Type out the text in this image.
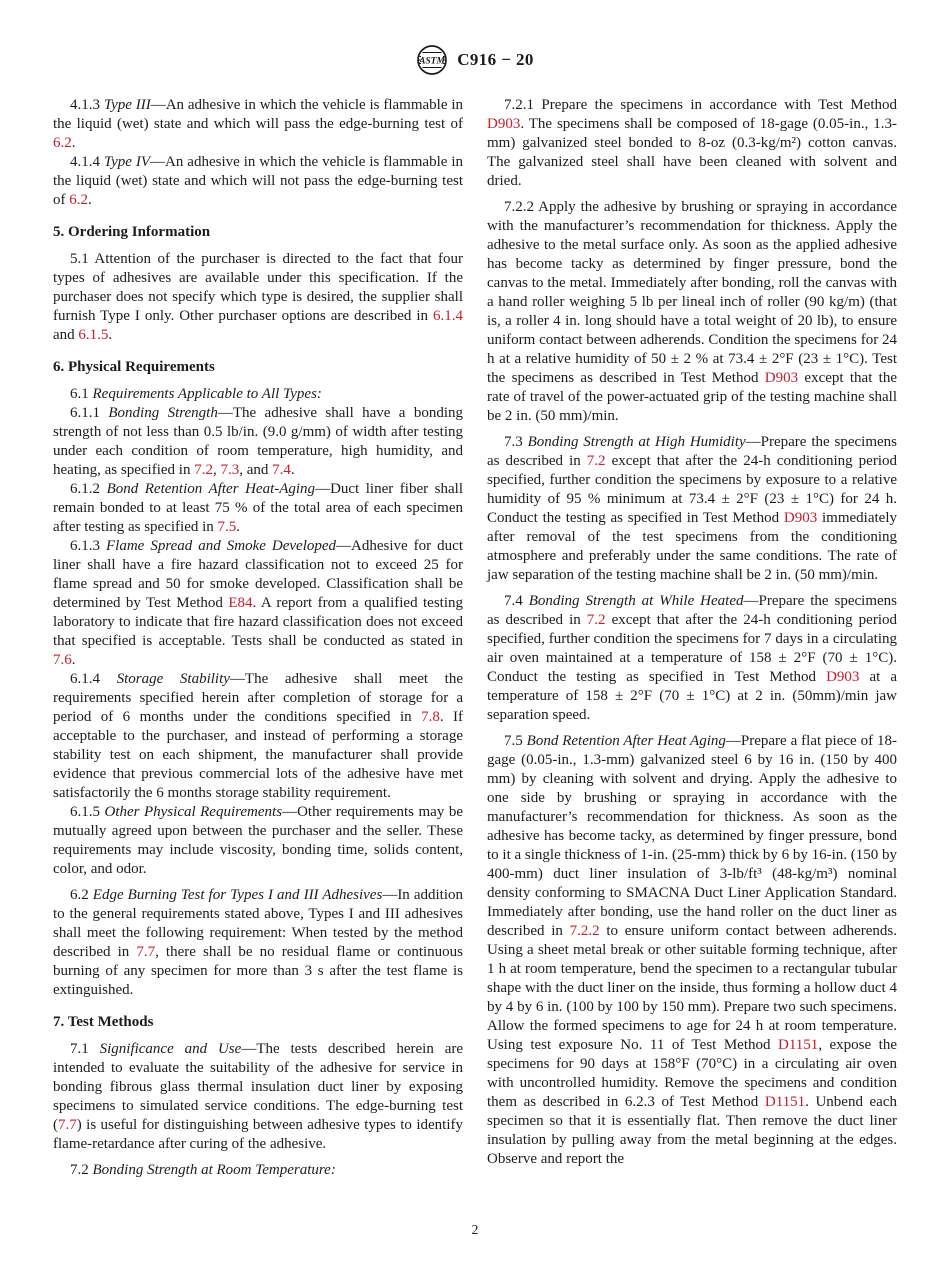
ASTM C916 − 20

4.1.3 Type III—An adhesive in which the vehicle is flammable in the liquid (wet) state and which will pass the edge-burning test of 6.2.

4.1.4 Type IV—An adhesive in which the vehicle is flammable in the liquid (wet) state and which will not pass the edge-burning test of 6.2.

5. Ordering Information

5.1 Attention of the purchaser is directed to the fact that four types of adhesives are available under this specification. If the purchaser does not specify which type is desired, the supplier shall furnish Type I only. Other purchaser options are described in 6.1.4 and 6.1.5.

6. Physical Requirements

6.1 Requirements Applicable to All Types:

6.1.1 Bonding Strength—The adhesive shall have a bonding strength of not less than 0.5 lb/in. (9.0 g/mm) of width after testing under each condition of room temperature, high humidity, and heating, as specified in 7.2, 7.3, and 7.4.

6.1.2 Bond Retention After Heat-Aging—Duct liner fiber shall remain bonded to at least 75 % of the total area of each specimen after testing as specified in 7.5.

6.1.3 Flame Spread and Smoke Developed—Adhesive for duct liner shall have a fire hazard classification not to exceed 25 for flame spread and 50 for smoke developed. Classification shall be determined by Test Method E84. A report from a qualified testing laboratory to indicate that fire hazard classification does not exceed that specified is acceptable. Tests shall be conducted as stated in 7.6.

6.1.4 Storage Stability—The adhesive shall meet the requirements specified herein after completion of storage for a period of 6 months under the conditions specified in 7.8. If acceptable to the purchaser, and instead of performing a storage stability test on each shipment, the manufacturer shall provide evidence that previous commercial lots of the adhesive have met satisfactorily the 6 months storage stability requirement.

6.1.5 Other Physical Requirements—Other requirements may be mutually agreed upon between the purchaser and the seller. These requirements may include viscosity, bonding time, solids content, color, and odor.

6.2 Edge Burning Test for Types I and III Adhesives—In addition to the general requirements stated above, Types I and III adhesives shall meet the following requirement: When tested by the method described in 7.7, there shall be no residual flame or continuous burning of any specimen for more than 3 s after the test flame is extinguished.

7. Test Methods

7.1 Significance and Use—The tests described herein are intended to evaluate the suitability of the adhesive for service in bonding fibrous glass thermal insulation duct liner by exposing specimens to simulated service conditions. The edge-burning test (7.7) is useful for distinguishing between adhesive types to identify flame-retardance after curing of the adhesive.

7.2 Bonding Strength at Room Temperature:

7.2.1 Prepare the specimens in accordance with Test Method D903. The specimens shall be composed of 18-gage (0.05-in., 1.3-mm) galvanized steel bonded to 8-oz (0.3-kg/m²) cotton canvas. The galvanized steel shall have been cleaned with solvent and dried.

7.2.2 Apply the adhesive by brushing or spraying in accordance with the manufacturer’s recommendation for thickness. Apply the adhesive to the metal surface only. As soon as the applied adhesive has become tacky as determined by finger pressure, bond the canvas to the metal. Immediately after bonding, roll the canvas with a hand roller weighing 5 lb per lineal inch of roller (90 kg/m) (that is, a roller 4 in. long should have a total weight of 20 lb), to ensure uniform contact between adherends. Condition the specimens for 24 h at a relative humidity of 50 ± 2 % at 73.4 ± 2°F (23 ± 1°C). Test the specimens as described in Test Method D903 except that the rate of travel of the power-actuated grip of the testing machine shall be 2 in. (50 mm)/min.

7.3 Bonding Strength at High Humidity—Prepare the specimens as described in 7.2 except that after the 24-h conditioning period specified, further condition the specimens by exposure to a relative humidity of 95 % minimum at 73.4 ± 2°F (23 ± 1°C) for 24 h. Conduct the testing as specified in Test Method D903 immediately after removal of the test specimens from the conditioning atmosphere and preferably under the same conditions. The rate of jaw separation of the testing machine shall be 2 in. (50 mm)/min.

7.4 Bonding Strength at While Heated—Prepare the specimens as described in 7.2 except that after the 24-h conditioning period specified, further condition the specimens for 7 days in a circulating air oven maintained at a temperature of 158 ± 2°F (70 ± 1°C). Conduct the testing as specified in Test Method D903 at a temperature of 158 ± 2°F (70 ± 1°C) at 2 in. (50mm)/min jaw separation speed.

7.5 Bond Retention After Heat Aging—Prepare a flat piece of 18-gage (0.05-in., 1.3-mm) galvanized steel 6 by 16 in. (150 by 400 mm) by cleaning with solvent and drying. Apply the adhesive to one side by brushing or spraying in accordance with the manufacturer’s recommendation for thickness. As soon as the adhesive has become tacky, as determined by finger pressure, bond to it a single thickness of 1-in. (25-mm) thick by 6 by 16-in. (150 by 400-mm) duct liner insulation of 3-lb/ft³ (48-kg/m³) nominal density conforming to SMACNA Duct Liner Application Standard. Immediately after bonding, use the hand roller on the duct liner as described in 7.2.2 to ensure uniform contact between adherends. Using a sheet metal break or other suitable forming technique, after 1 h at room temperature, bend the specimen to a rectangular tubular shape with the duct liner on the inside, thus forming a hollow duct 4 by 4 by 6 in. (100 by 100 by 150 mm). Prepare two such specimens. Allow the formed specimens to age for 24 h at room temperature. Using test exposure No. 11 of Test Method D1151, expose the specimens for 90 days at 158°F (70°C) in a circulating air oven with uncontrolled humidity. Remove the specimens and condition them as described in 6.2.3 of Test Method D1151. Unbend each specimen so that it is essentially flat. Then remove the duct liner insulation by pulling away from the metal beginning at the edges. Observe and report the

2
